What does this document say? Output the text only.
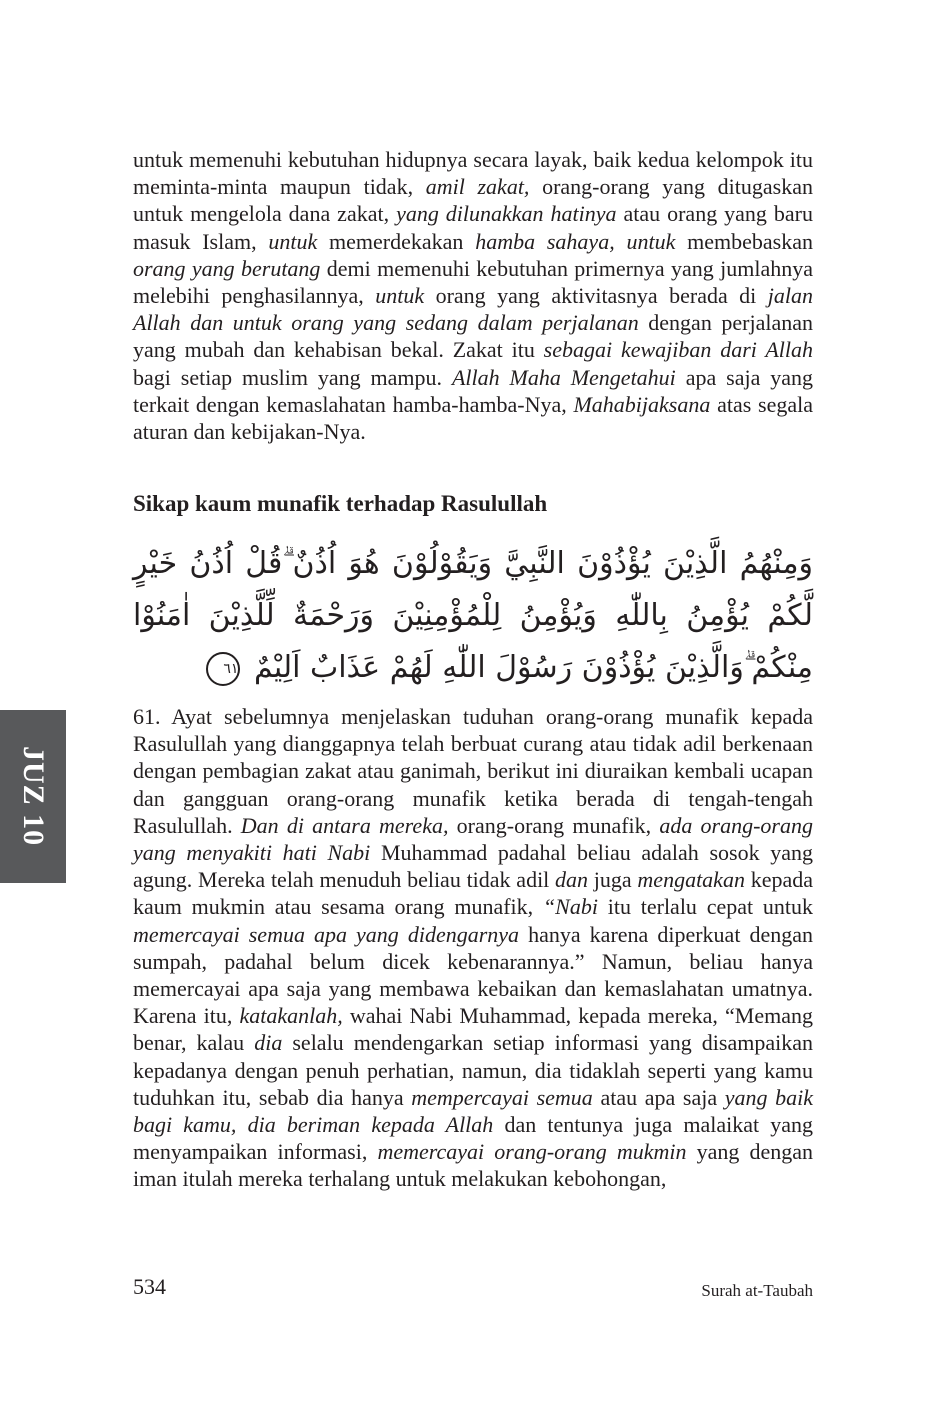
untuk memenuhi kebutuhan hidupnya secara layak, baik kedua kelompok itu meminta-minta maupun tidak, amil zakat, orang-orang yang ditugaskan untuk mengelola dana zakat, yang dilunakkan hatinya atau orang yang baru masuk Islam, untuk memerdekakan hamba sahaya, untuk membebaskan orang yang berutang demi memenuhi kebutuhan primernya yang jumlahnya melebihi penghasilannya, untuk orang yang aktivitasnya berada di jalan Allah dan untuk orang yang sedang dalam perjalanan dengan perjalanan yang mubah dan kehabisan bekal. Zakat itu sebagai kewajiban dari Allah bagi setiap muslim yang mampu. Allah Maha Mengetahui apa saja yang terkait dengan kemaslahatan hamba-hamba-Nya, Mahabijaksana atas segala aturan dan kebijakan-Nya.

Sikap kaum munafik terhadap Rasulullah

وَمِنْهُمُ الَّذِيْنَ يُؤْذُوْنَ النَّبِيَّ وَيَقُوْلُوْنَ هُوَ اُذُنٌ ۗقُلْ اُذُنُ خَيْرٍ لَّكُمْ يُؤْمِنُ بِاللّٰهِ وَيُؤْمِنُ لِلْمُؤْمِنِيْنَ وَرَحْمَةٌ لِّلَّذِيْنَ اٰمَنُوْا مِنْكُمْ ۗوَالَّذِيْنَ يُؤْذُوْنَ رَسُوْلَ اللّٰهِ لَهُمْ عَذَابٌ اَلِيْمٌ ٦١

61. Ayat sebelumnya menjelaskan tuduhan orang-orang munafik kepada Rasulullah yang dianggapnya telah berbuat curang atau tidak adil berkenaan dengan pembagian zakat atau ganimah, berikut ini diuraikan kembali ucapan dan gangguan orang-orang munafik ketika berada di tengah-tengah Rasulullah. Dan di antara mereka, orang-orang munafik, ada orang-orang yang menyakiti hati Nabi Muhammad padahal beliau adalah sosok yang agung. Mereka telah menuduh beliau tidak adil dan juga mengatakan kepada kaum mukmin atau sesama orang munafik, “Nabi itu terlalu cepat untuk memercayai semua apa yang didengarnya hanya karena diperkuat dengan sumpah, padahal belum dicek kebenarannya.” Namun, beliau hanya memercayai apa saja yang membawa kebaikan dan kemaslahatan umatnya. Karena itu, katakanlah, wahai Nabi Muhammad, kepada mereka, “Memang benar, kalau dia selalu mendengarkan setiap informasi yang disampaikan kepadanya dengan penuh perhatian, namun, dia tidaklah seperti yang kamu tuduhkan itu, sebab dia hanya mempercayai semua atau apa saja yang baik bagi kamu, dia beriman kepada Allah dan tentunya juga malaikat yang menyampaikan informasi, memercayai orang-orang mukmin yang dengan iman itulah mereka terhalang untuk melakukan kebohongan,

JUZ 10

534	Surah at-Taubah
